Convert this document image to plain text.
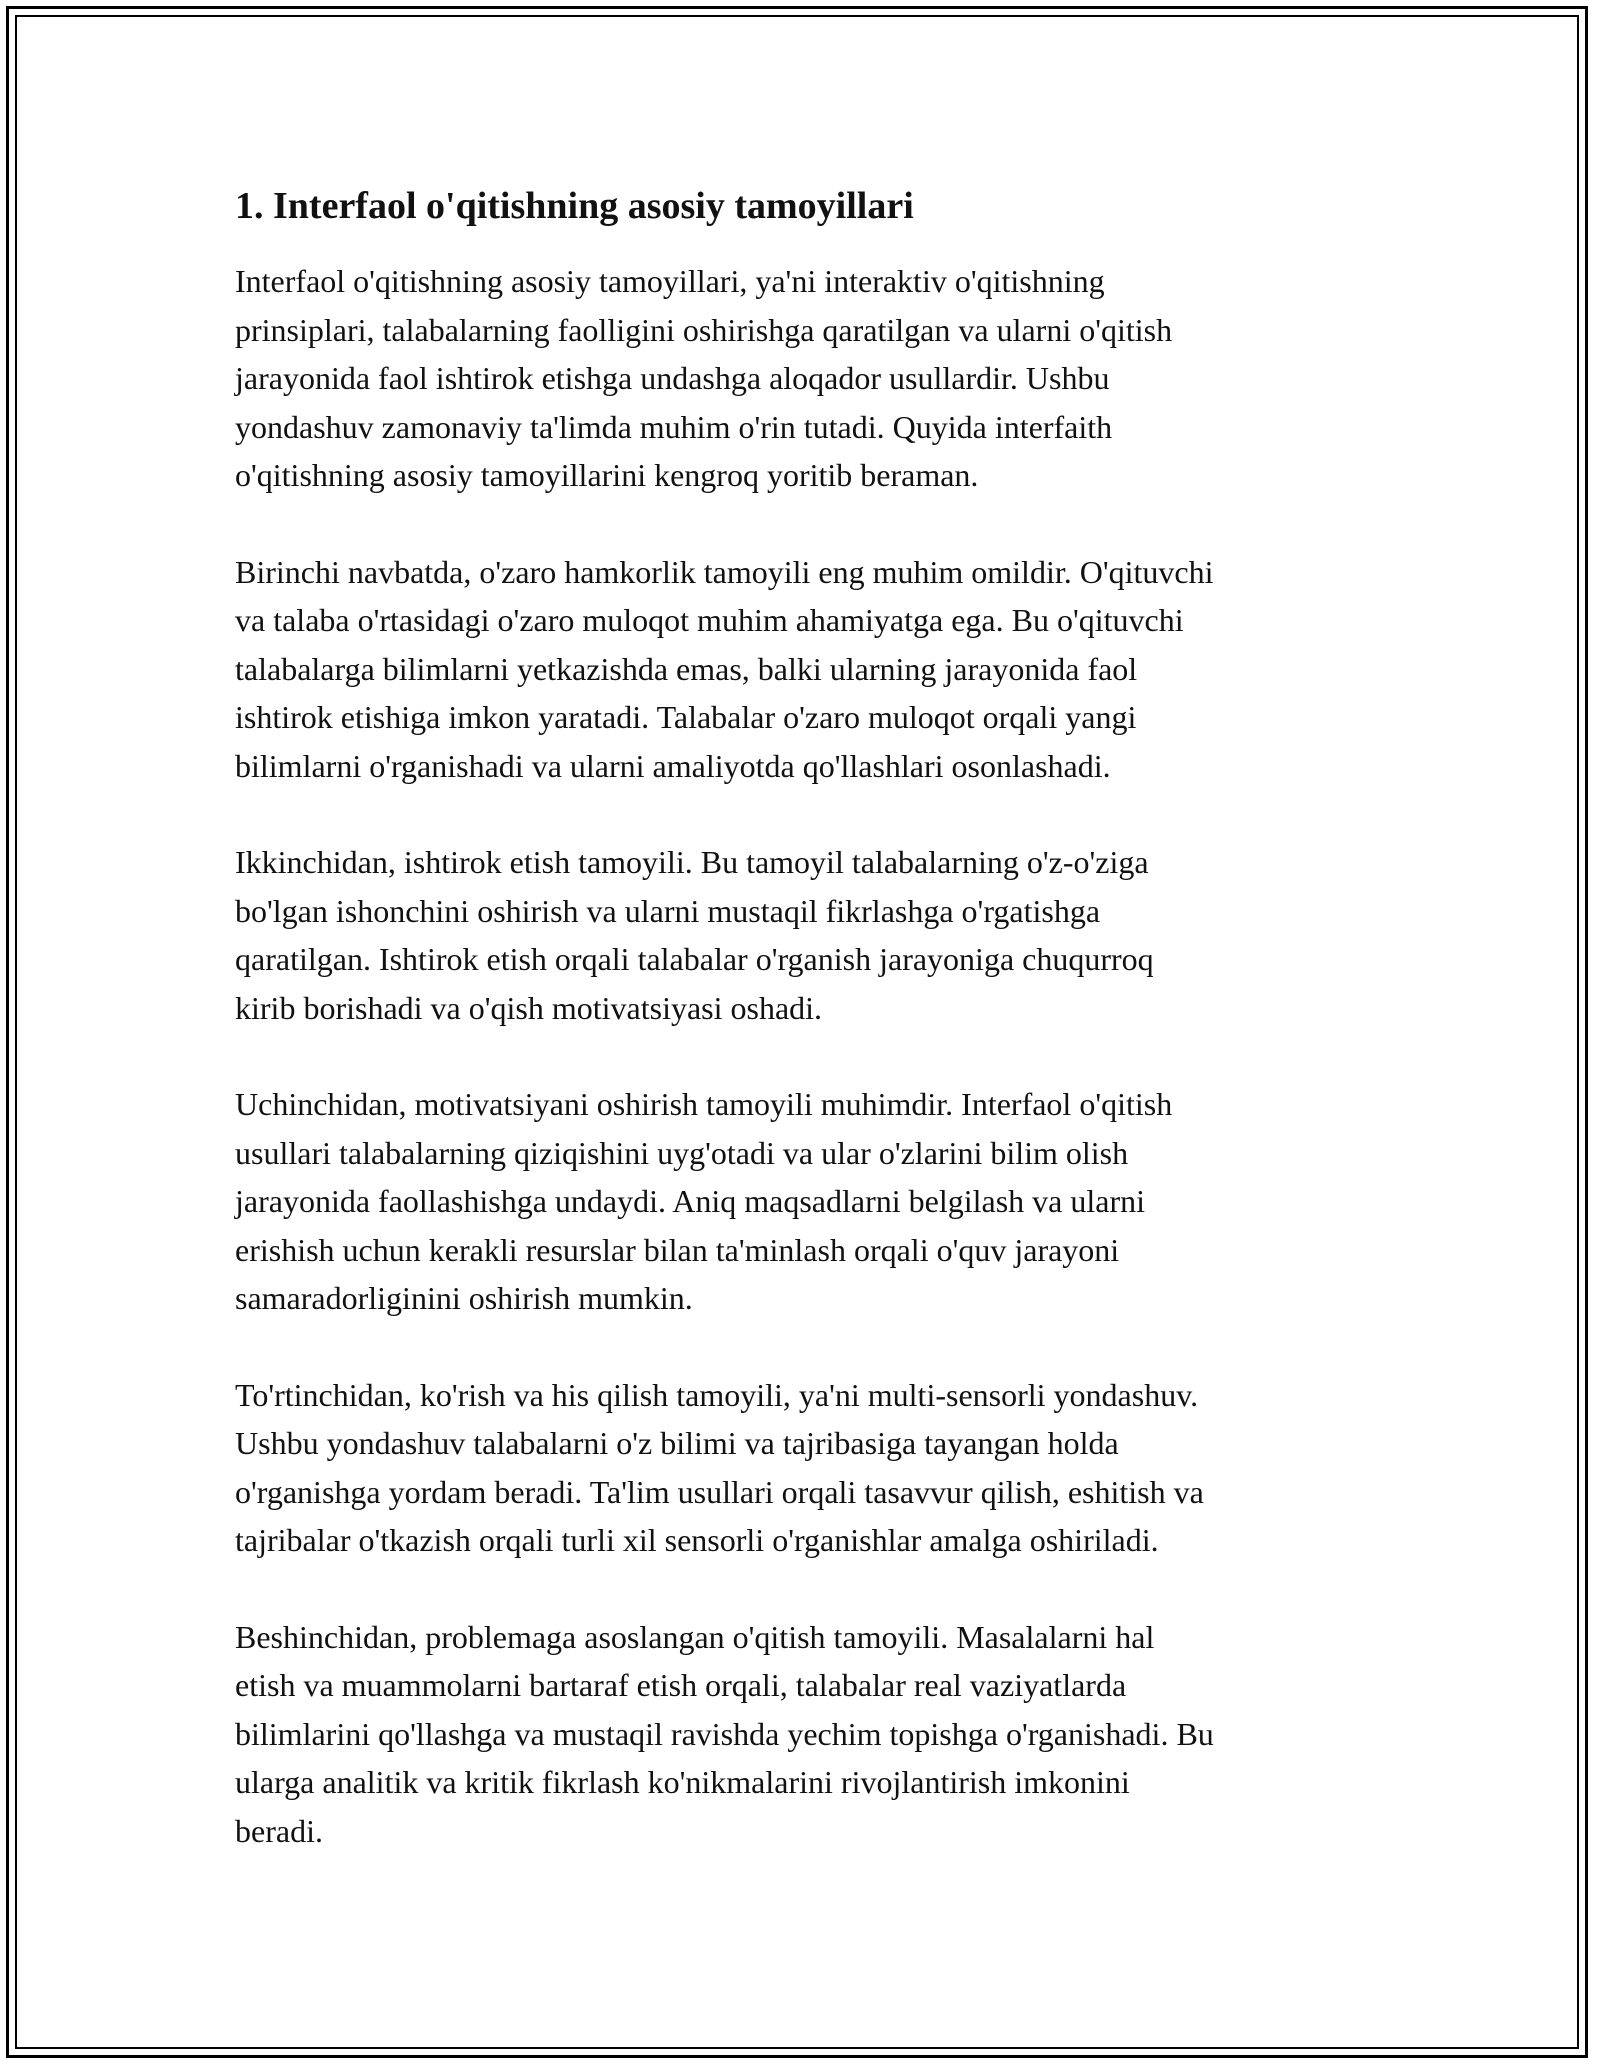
1. Interfaol o'qitishning asosiy tamoyillari

Interfaol o'qitishning asosiy tamoyillari, ya'ni interaktiv o'qitishning
prinsiplari, talabalarning faolligini oshirishga qaratilgan va ularni o'qitish
jarayonida faol ishtirok etishga undashga aloqador usullardir. Ushbu
yondashuv zamonaviy ta'limda muhim o'rin tutadi. Quyida interfaith
o'qitishning asosiy tamoyillarini kengroq yoritib beraman.

Birinchi navbatda, o'zaro hamkorlik tamoyili eng muhim omildir. O'qituvchi
va talaba o'rtasidagi o'zaro muloqot muhim ahamiyatga ega. Bu o'qituvchi
talabalarga bilimlarni yetkazishda emas, balki ularning jarayonida faol
ishtirok etishiga imkon yaratadi. Talabalar o'zaro muloqot orqali yangi
bilimlarni o'rganishadi va ularni amaliyotda qo'llashlari osonlashadi.

Ikkinchidan, ishtirok etish tamoyili. Bu tamoyil talabalarning o'z-o'ziga
bo'lgan ishonchini oshirish va ularni mustaqil fikrlashga o'rgatishga
qaratilgan. Ishtirok etish orqali talabalar o'rganish jarayoniga chuqurroq
kirib borishadi va o'qish motivatsiyasi oshadi.

Uchinchidan, motivatsiyani oshirish tamoyili muhimdir. Interfaol o'qitish
usullari talabalarning qiziqishini uyg'otadi va ular o'zlarini bilim olish
jarayonida faollashishga undaydi. Aniq maqsadlarni belgilash va ularni
erishish uchun kerakli resurslar bilan ta'minlash orqali o'quv jarayoni
samaradorliginini oshirish mumkin.

To'rtinchidan, ko'rish va his qilish tamoyili, ya'ni multi-sensorli yondashuv.
Ushbu yondashuv talabalarni o'z bilimi va tajribasiga tayangan holda
o'rganishga yordam beradi. Ta'lim usullari orqali tasavvur qilish, eshitish va
tajribalar o'tkazish orqali turli xil sensorli o'rganishlar amalga oshiriladi.

Beshinchidan, problemaga asoslangan o'qitish tamoyili. Masalalarni hal
etish va muammolarni bartaraf etish orqali, talabalar real vaziyatlarda
bilimlarini qo'llashga va mustaqil ravishda yechim topishga o'rganishadi. Bu
ularga analitik va kritik fikrlash ko'nikmalarini rivojlantirish imkonini
beradi.
